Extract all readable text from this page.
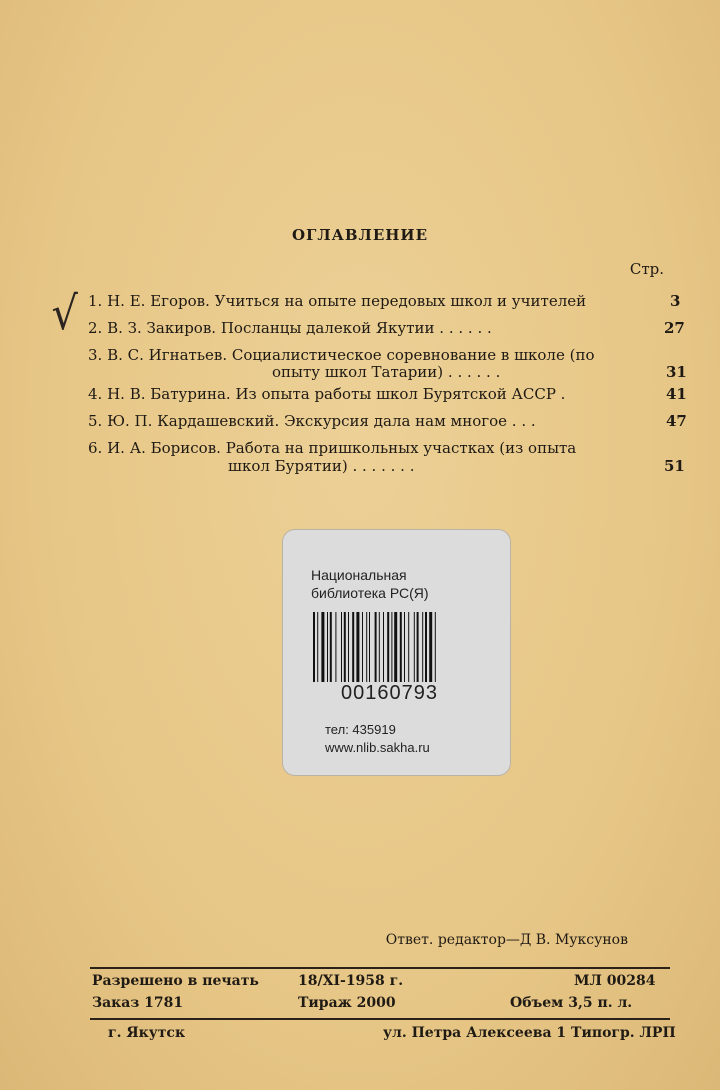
ОГЛАВЛЕНИЕ
Стр.
√ 1. Н. Е. Егоров. Учиться на опыте передовых школ и учителей	3
2. В. З. Закиров. Посланцы далекой Якутии . . . . . .	27
3. В. С. Игнатьев. Социалистическое соревнование в школе (по
опыту школ Татарии) . . . . . .	31
4. Н. В. Батурина. Из опыта работы школ Бурятской АССР .	41
5. Ю. П. Кардашевский. Экскурсия дала нам многое . . .	47
6. И. А. Борисов. Работа на пришкольных участках (из опыта
школ Бурятии) . . . . . . .	51
Национальная
библиотека РС(Я)
00160793
тел: 435919
www.nlib.sakha.ru
Ответ. редактор—Д В. Муксунов
Разрешено в печать	18/XI-1958 г.	МЛ 00284
Заказ 1781	Тираж 2000	Объем 3,5 п. л.
г. Якутск	ул. Петра Алексеева 1 Типогр. ЛРП
